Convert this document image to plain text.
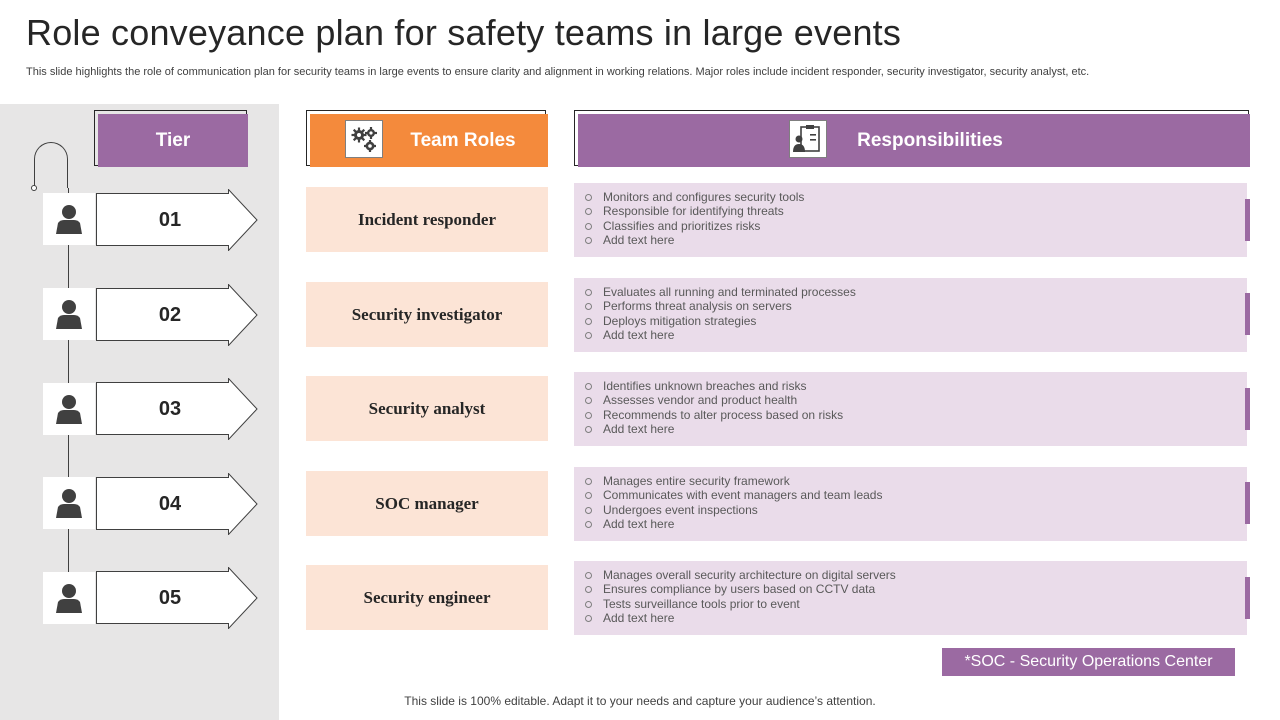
Role conveyance plan for safety teams in large events
This slide highlights the role of communication plan for security teams in large events to ensure clarity and alignment in working relations. Major roles include incident responder, security investigator, security analyst, etc.
Tier	Team Roles	Responsibilities
01	Incident responder
Monitors and configures security tools
Responsible for identifying threats
Classifies and prioritizes risks
Add text here
02	Security investigator
Evaluates all running and terminated processes
Performs threat analysis on servers
Deploys mitigation strategies
Add text here
03	Security analyst
Identifies unknown breaches and risks
Assesses vendor and product health
Recommends to alter process based on risks
Add text here
04	SOC manager
Manages entire security framework
Communicates with event managers and team leads
Undergoes event inspections
Add text here
05	Security engineer
Manages overall security architecture on digital servers
Ensures compliance by users based on CCTV data
Tests surveillance tools prior to event
Add text here
*SOC - Security Operations Center
This slide is 100% editable. Adapt it to your needs and capture your audience’s attention.
